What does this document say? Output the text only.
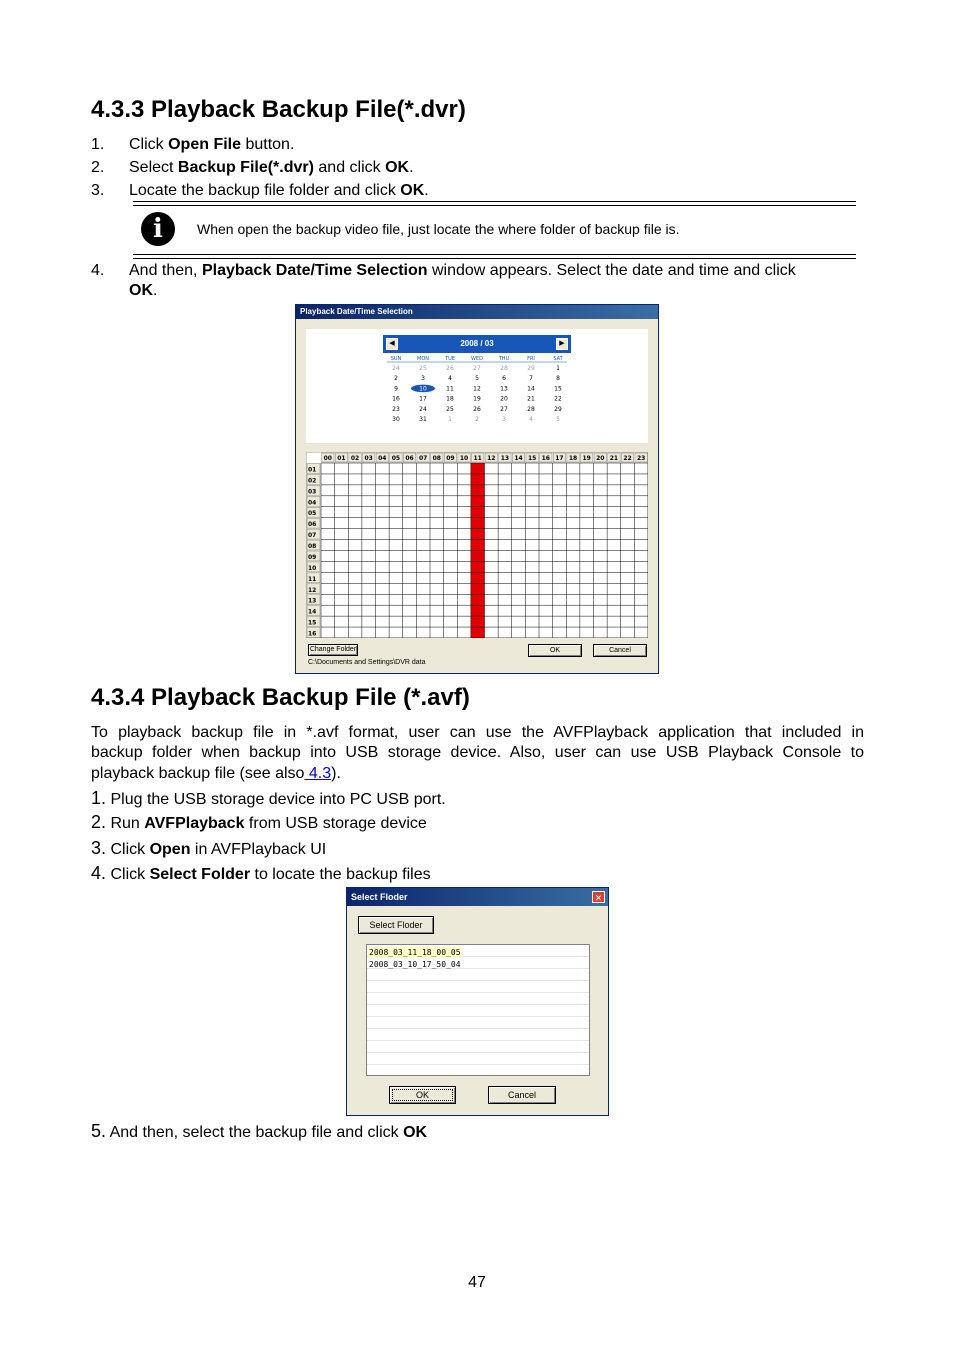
4.3.3 Playback Backup File(*.dvr)
1. Click Open File button.
2. Select Backup File(*.dvr) and click OK.
3. Locate the backup file folder and click OK.
i	When open the backup video file, just locate the where folder of backup file is.
4. And then, Playback Date/Time Selection window appears. Select the date and time and click
OK.
Playback Date/Time Selection
2008 / 03
◀	▶
SUN	MON	TUE	WED	THU	FRI	SAT
24	25	26	27	28	29	1
2	3	4	5	6	7	8
9	10	11	12	13	14	15
16	17	18	19	20	21	22
23	24	25	26	27	28	29
30	31	1	2	3	4	5
00 01 02 03 04 05 06 07 08 09 10 11 12 13 14 15 16 17 18 19 20 21 22 23
01
02
03
04
05
06
07
08
09
10
11
12
13
14
15
16
Change Folder
C:\Documents and Settings\DVR data
OK	Cancel
4.3.4 Playback Backup File (*.avf)
To playback backup file in *.avf format, user can use the AVFPlayback application that included in
backup folder when backup into USB storage device. Also, user can use USB Playback Console to
playback backup file (see also 4.3).
1. Plug the USB storage device into PC USB port.
2. Run AVFPlayback from USB storage device
3. Click Open in AVFPlayback UI
4. Click Select Folder to locate the backup files
Select Floder	✕
Select Floder
2008_03_11_18_00_05
2008_03_10_17_50_04
OK	Cancel
5. And then, select the backup file and click OK
47
